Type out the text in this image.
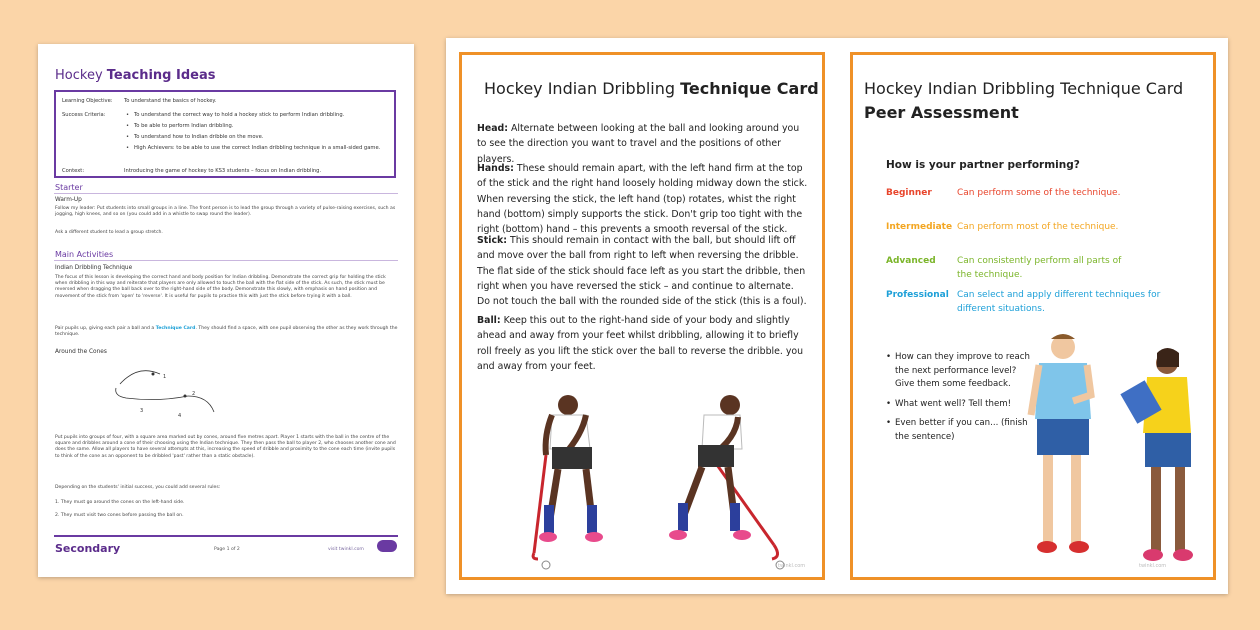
Hockey Teaching Ideas
Learning Objective: To understand the basics of hockey.
Success Criteria:
•	To understand the correct way to hold a hockey stick to perform Indian dribbling.
• To be able to perform Indian dribbling.
• To understand how to Indian dribble on the move.
• High Achievers: to be able to use the correct Indian dribbling technique in a small-sided game.
Context:	Introducing the game of hockey to KS3 students – focus on Indian dribbling.
Starter
Warm-Up

Follow my leader: Put students into small groups in a line. The front person is to lead the group through a variety of pulse-raising exercises, such as jogging, high knees, and so on (you could add in a whistle to swap round the leader).

Ask a different student to lead a group stretch.

Main Activities
Indian Dribbling Technique

The focus of this lesson is developing the correct hand and body position for Indian dribbling. Demonstrate the correct grip for holding the stick when dribbling in this way and reiterate that players are only allowed to touch the ball with the flat side of the stick. As such, the stick must be reversed when dragging the ball back over to the right-hand side of the body. Demonstrate this slowly, with emphasis on hand position and movement of the stick from 'open' to 'reverse'. It is useful for pupils to practise this with just the stick before trying it with a ball.

Pair pupils up, giving each pair a ball and a Technique Card. They should find a space, with one pupil observing the other as they work through the technique.

Around the Cones
1
2
3
4

Put pupils into groups of four, with a square area marked out by cones, around five metres apart. Player 1 starts with the ball in the centre of the square and dribbles around a cone of their choosing using the Indian technique. They then pass the ball to player 2, who chooses another cone and does the same. Allow all players to have several attempts at this, increasing the speed of dribble and proximity to the cone each time (invite pupils to think of the cone as an opponent to be dribbled 'past' rather than a static obstacle).

Depending on the students' initial success, you could add several rules:

1. They must go around the cones on the left-hand side.

2. They must visit two cones before passing the ball on.

Secondary	Page 1 of 2	visit twinkl.com
Hockey Indian Dribbling Technique Card

Head: Alternate between looking at the ball and looking around you to see the direction you want to travel and the positions of other players.

Hands: These should remain apart, with the left hand firm at the top of the stick and the right hand loosely holding midway down the stick. When reversing the stick, the left hand (top) rotates, whist the right hand (bottom) simply supports the stick. Don't grip too tight with the right (bottom) hand – this prevents a smooth reversal of the stick.

Stick: This should remain in contact with the ball, but should lift off and move over the ball from right to left when reversing the dribble. The flat side of the stick should face left as you start the dribble, then right when you have reversed the stick – and continue to alternate. Do not touch the ball with the rounded side of the stick (this is a foul).

Ball: Keep this out to the right-hand side of your body and slightly ahead and away from your feet whilst dribbling, allowing it to briefly roll freely as you lift the stick over the ball to reverse the dribble. you and away from your feet.

twinkl.com
Hockey Indian Dribbling Technique Card
Peer Assessment
How is your partner performing?
Beginner	Can perform some of the technique.
Intermediate Can perform most of the technique.
Advanced Can consistently perform all parts of the technique.
Professional Can select and apply different techniques for different situations.
• How can they improve to reach the next performance level? Give them some feedback.
• What went well? Tell them!
• Even better if you can... (finish the sentence)
twinkl.com
